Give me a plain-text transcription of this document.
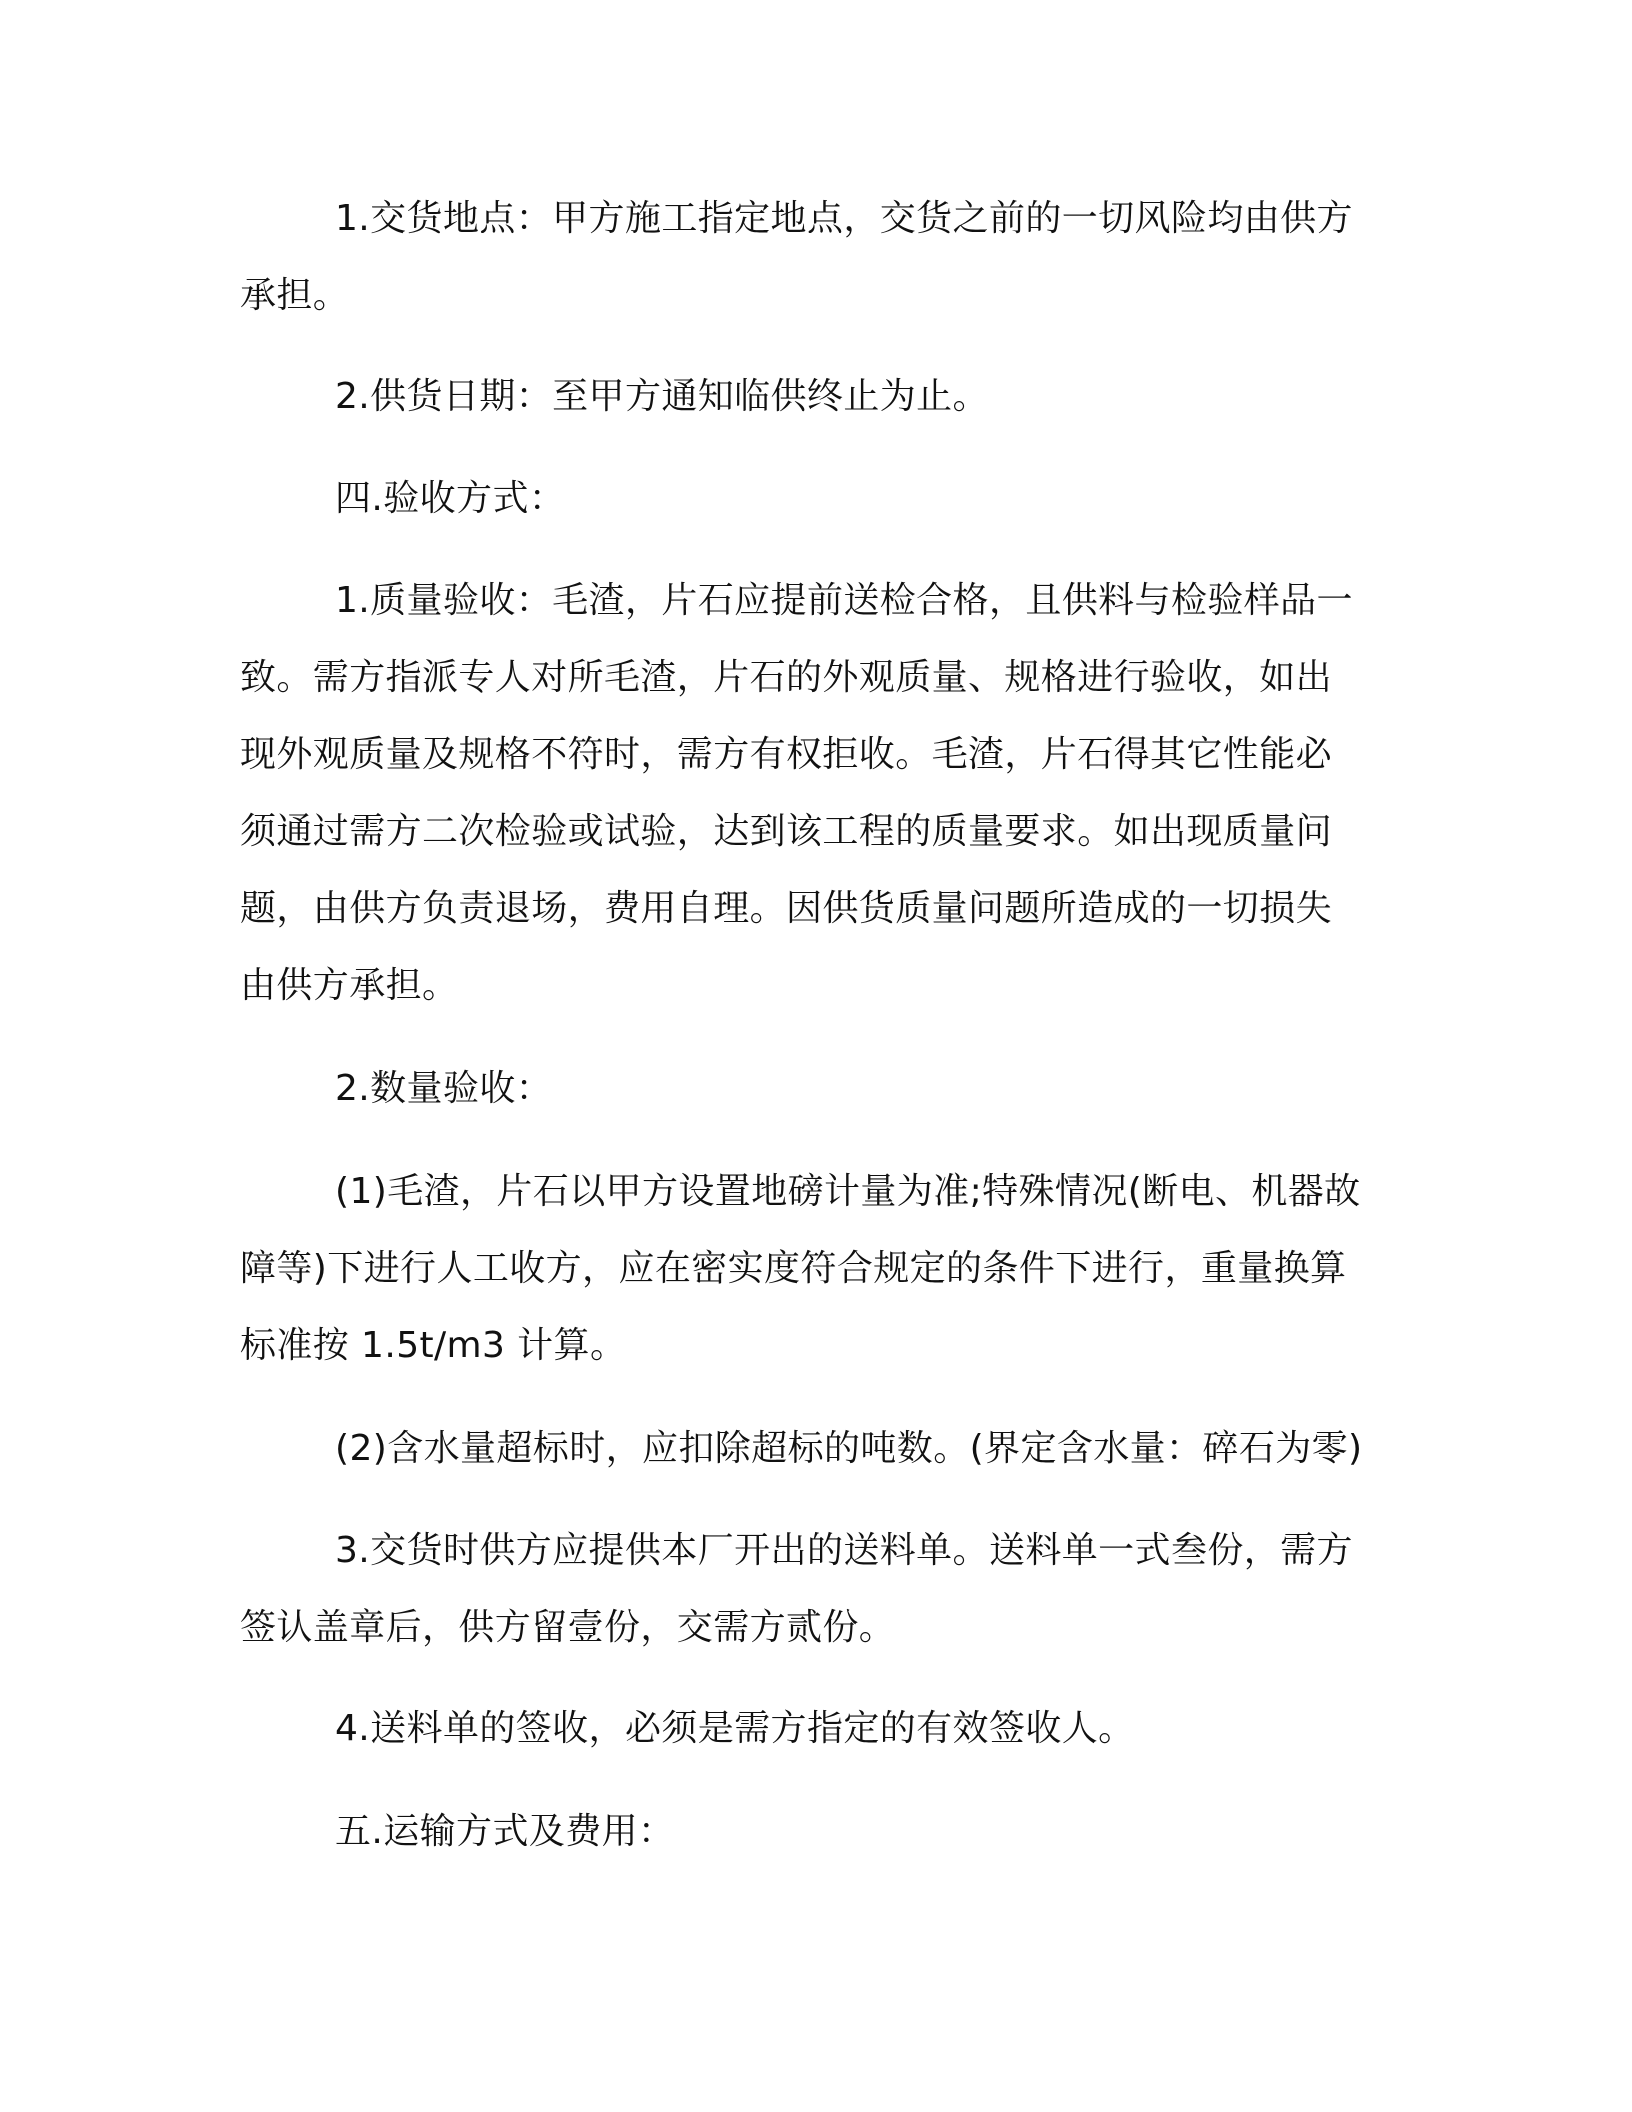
1.交货地点：甲方施工指定地点，交货之前的一切风险均由供方
承担。

2.供货日期：至甲方通知临供终止为止。

四.验收方式：

1.质量验收：毛渣，片石应提前送检合格，且供料与检验样品一
致。需方指派专人对所毛渣，片石的外观质量、规格进行验收，如出
现外观质量及规格不符时，需方有权拒收。毛渣，片石得其它性能必
须通过需方二次检验或试验，达到该工程的质量要求。如出现质量问
题，由供方负责退场，费用自理。因供货质量问题所造成的一切损失
由供方承担。

2.数量验收：

(1)毛渣，片石以甲方设置地磅计量为准;特殊情况(断电、机器故
障等)下进行人工收方，应在密实度符合规定的条件下进行，重量换算
标准按 1.5t/m3 计算。

(2)含水量超标时，应扣除超标的吨数。(界定含水量：碎石为零)

3.交货时供方应提供本厂开出的送料单。送料单一式叁份，需方
签认盖章后，供方留壹份，交需方贰份。

4.送料单的签收，必须是需方指定的有效签收人。

五.运输方式及费用：
